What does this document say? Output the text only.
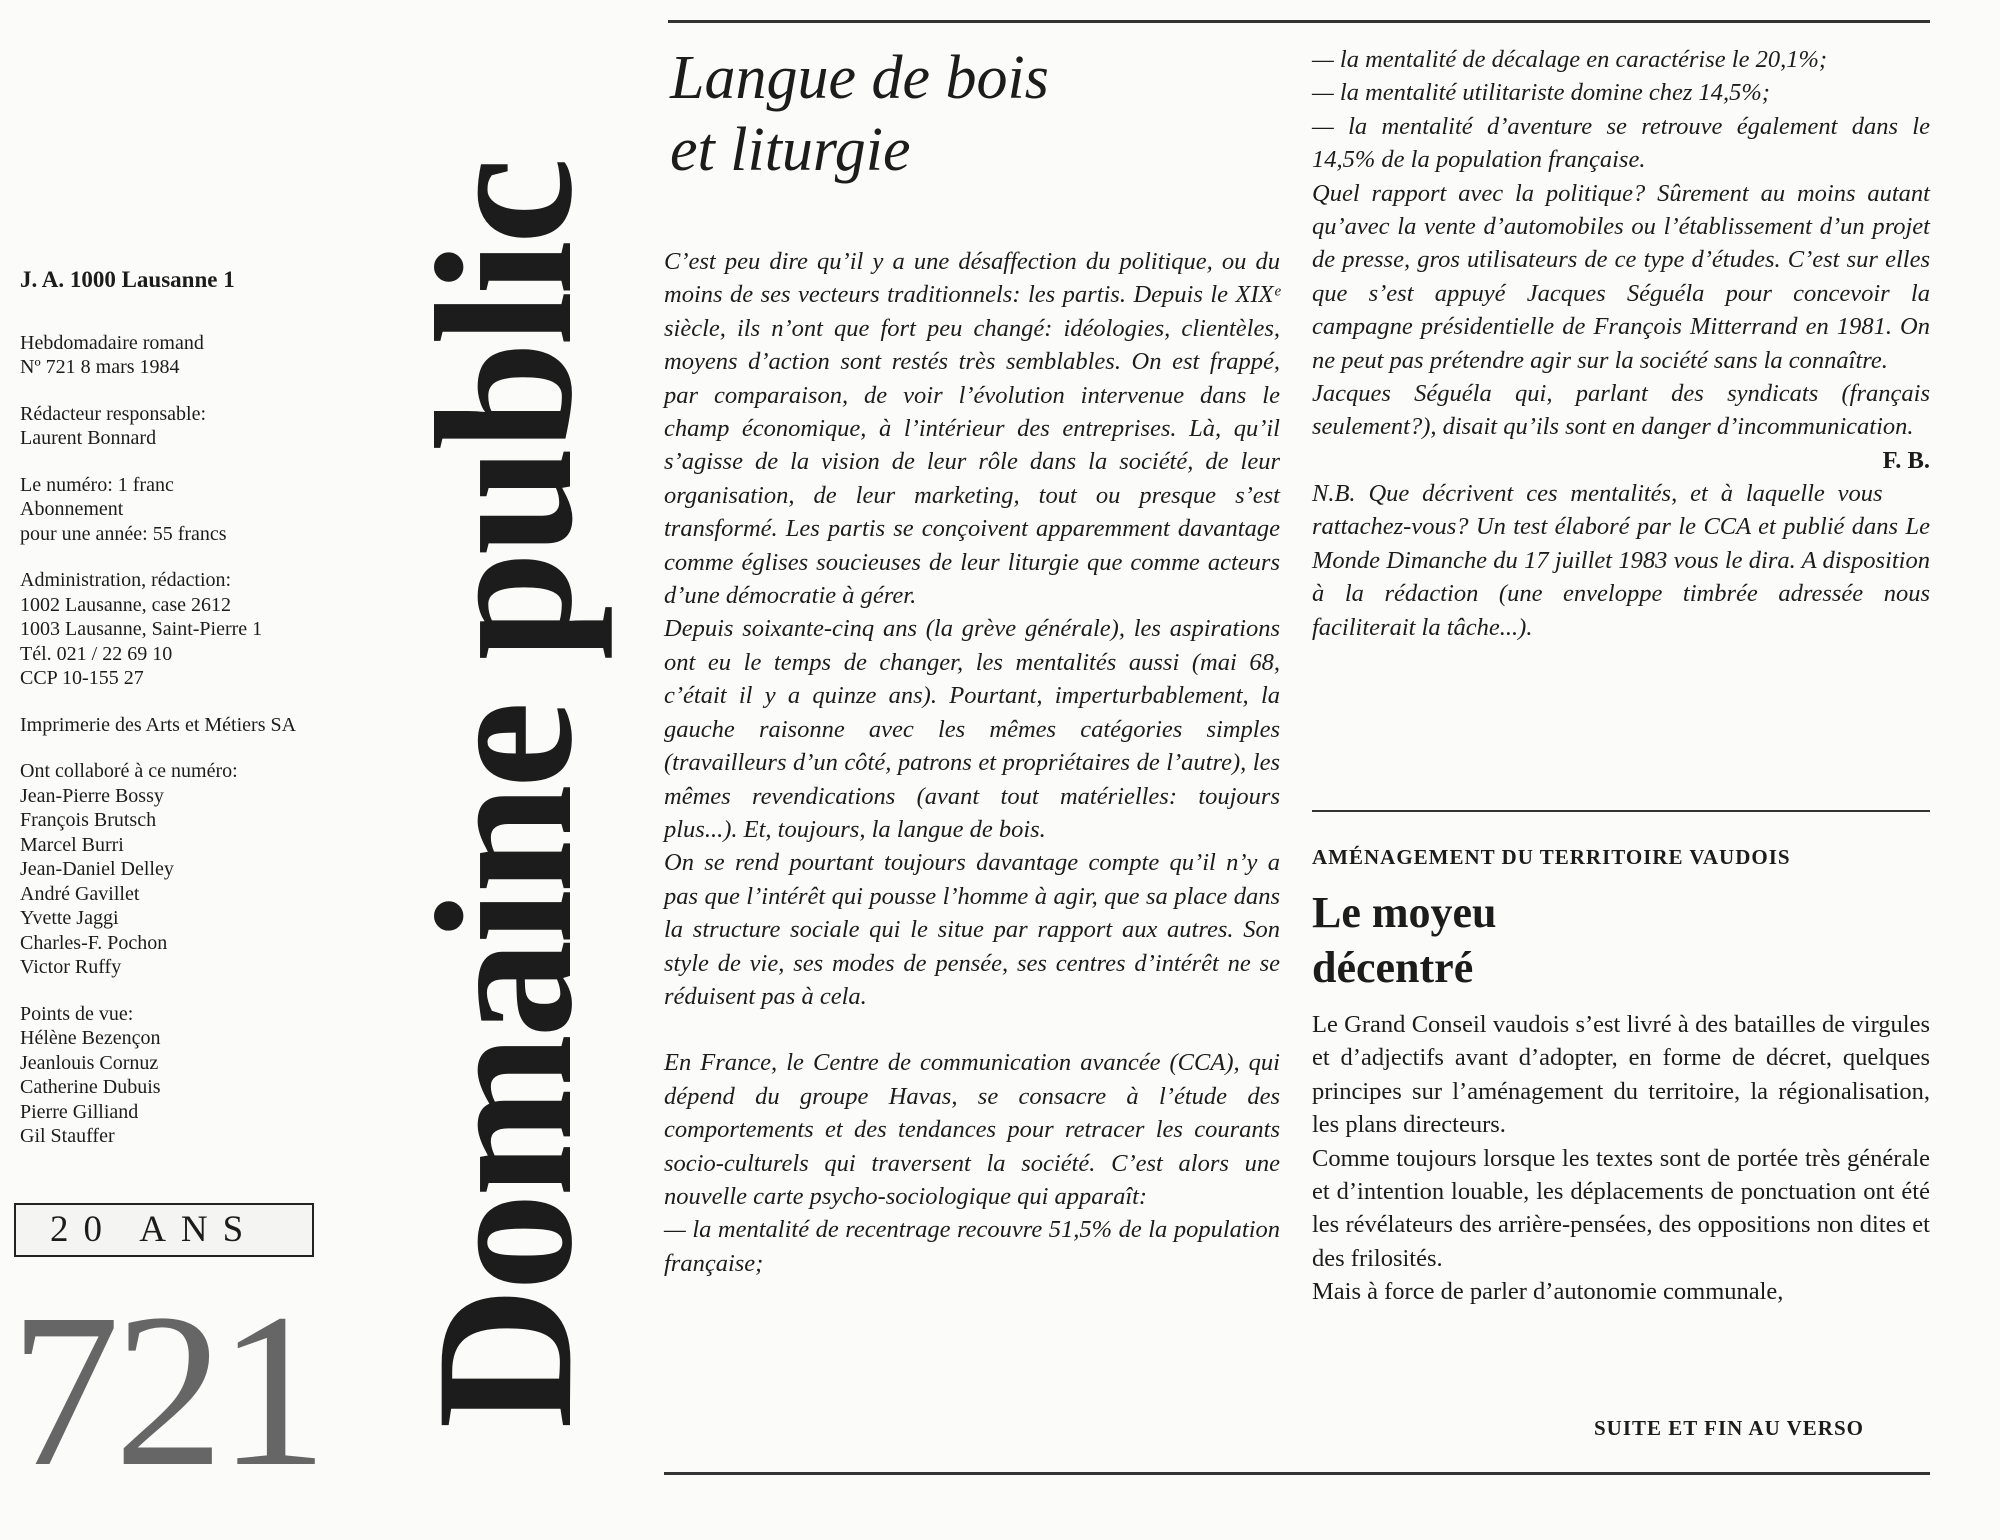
J. A. 1000 Lausanne 1

Hebdomadaire romand
Nº 721 8 mars 1984

Rédacteur responsable:
Laurent Bonnard

Le numéro: 1 franc
Abonnement
pour une année: 55 francs

Administration, rédaction:
1002 Lausanne, case 2612
1003 Lausanne, Saint-Pierre 1
Tél. 021 / 22 69 10
CCP 10-155 27

Imprimerie des Arts et Métiers SA

Ont collaboré à ce numéro:
Jean-Pierre Bossy
François Brutsch
Marcel Burri
Jean-Daniel Delley
André Gavillet
Yvette Jaggi
Charles-F. Pochon
Victor Ruffy

Points de vue:
Hélène Bezençon
Jeanlouis Cornuz
Catherine Dubuis
Pierre Gilliand
Gil Stauffer

20 ANS
721 Domaine public
Langue de bois
et liturgie

C’est peu dire qu’il y a une désaffection du politique, ou du moins de ses vecteurs traditionnels: les partis. Depuis le XIXᵉ siècle, ils n’ont que fort peu changé: idéologies, clientèles, moyens d’action sont restés très semblables. On est frappé, par comparaison, de voir l’évolution intervenue dans le champ économique, à l’intérieur des entreprises. Là, qu’il s’agisse de la vision de leur rôle dans la société, de leur organisation, de leur marketing, tout ou presque s’est transformé. Les partis se conçoivent apparemment davantage comme églises soucieuses de leur liturgie que comme acteurs d’une démocratie à gérer.

Depuis soixante-cinq ans (la grève générale), les aspirations ont eu le temps de changer, les mentalités aussi (mai 68, c’était il y a quinze ans). Pourtant, imperturbablement, la gauche raisonne avec les mêmes catégories simples (travailleurs d’un côté, patrons et propriétaires de l’autre), les mêmes revendications (avant tout matérielles: toujours plus...). Et, toujours, la langue de bois.

On se rend pourtant toujours davantage compte qu’il n’y a pas que l’intérêt qui pousse l’homme à agir, que sa place dans la structure sociale qui le situe par rapport aux autres. Son style de vie, ses modes de pensée, ses centres d’intérêt ne se réduisent pas à cela.

En France, le Centre de communication avancée (CCA), qui dépend du groupe Havas, se consacre à l’étude des comportements et des tendances pour retracer les courants socio-culturels qui traversent la société. C’est alors une nouvelle carte psycho-sociologique qui apparaît:

— la mentalité de recentrage recouvre 51,5% de la population française;

— la mentalité de décalage en caractérise le 20,1%;

— la mentalité utilitariste domine chez 14,5%;

— la mentalité d’aventure se retrouve également dans le 14,5% de la population française.

Quel rapport avec la politique? Sûrement au moins autant qu’avec la vente d’automobiles ou l’établissement d’un projet de presse, gros utilisateurs de ce type d’études. C’est sur elles que s’est appuyé Jacques Séguéla pour concevoir la campagne présidentielle de François Mitterrand en 1981. On ne peut pas prétendre agir sur la société sans la connaître.

Jacques Séguéla qui, parlant des syndicats (français seulement?), disait qu’ils sont en danger d’incommunication.
F. B.

N.B. Que décrivent ces mentalités, et à laquelle vous rattachez-vous? Un test élaboré par le CCA et publié dans Le Monde Dimanche du 17 juillet 1983 vous le dira. A disposition à la rédaction (une enveloppe timbrée adressée nous faciliterait la tâche...).

AMÉNAGEMENT DU TERRITOIRE VAUDOIS
Le moyeu
décentré

Le Grand Conseil vaudois s’est livré à des batailles de virgules et d’adjectifs avant d’adopter, en forme de décret, quelques principes sur l’aménagement du territoire, la régionalisation, les plans directeurs.

Comme toujours lorsque les textes sont de portée très générale et d’intention louable, les déplacements de ponctuation ont été les révélateurs des arrière-pensées, des oppositions non dites et des frilosités.

Mais à force de parler d’autonomie communale,

SUITE ET FIN AU VERSO
